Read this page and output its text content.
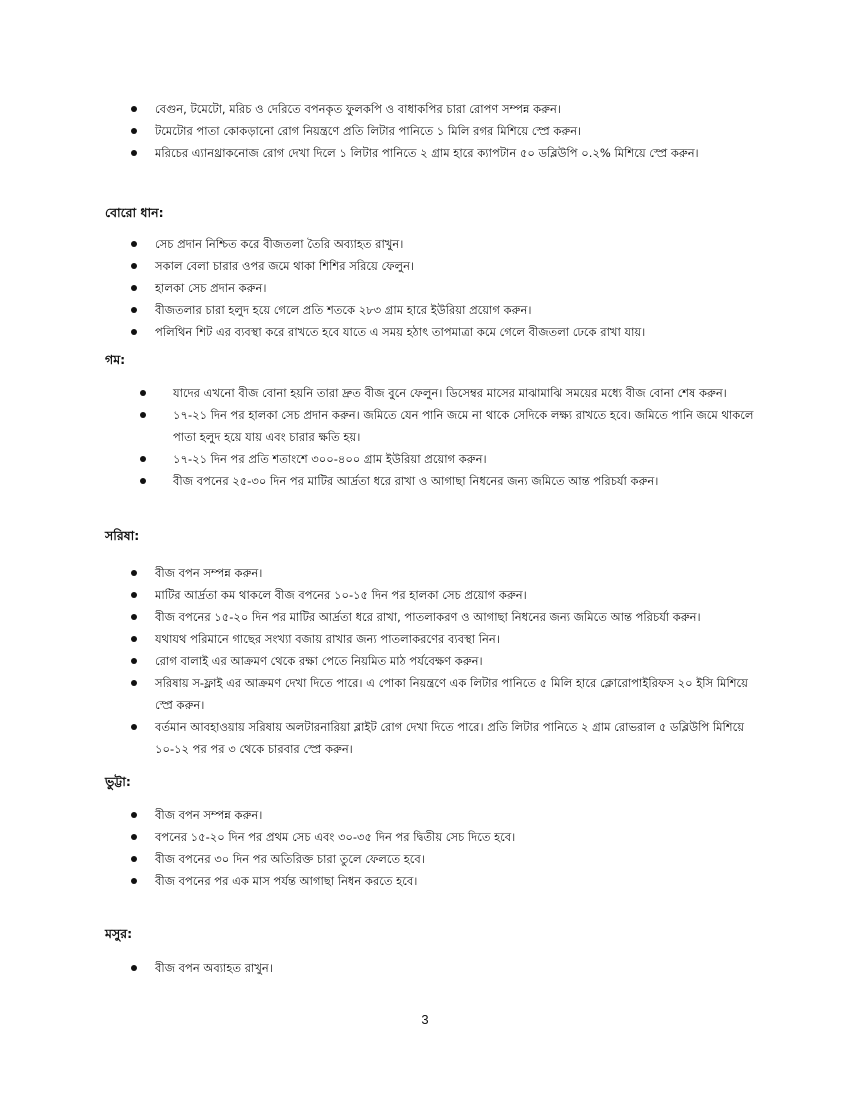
বেগুন, টমেটো, মরিচ ও দেরিতে বপনকৃত ফুলকপি ও বাধাকপির চারা রোপণ সম্পন্ন করুন।
টমেটোর পাতা কোকড়ানো রোগ নিয়ন্ত্রণে প্রতি লিটার পানিতে ১ মিলি রগর মিশিয়ে স্প্রে করুন।
মরিচের এ্যানথ্রাকনোজ রোগ দেখা দিলে ১ লিটার পানিতে ২ গ্রাম হারে ক্যাপটান ৫০ ডব্লিউপি ০.২% মিশিয়ে স্প্রে করুন।
বোরো ধান:
সেচ প্রদান নিশ্চিত করে বীজতলা তৈরি অব্যাহত রাখুন।
সকাল বেলা চারার ওপর জমে থাকা শিশির সরিয়ে ফেলুন।
হালকা সেচ প্রদান করুন।
বীজতলার চারা হলুদ হয়ে গেলে প্রতি শতকে ২৮৩ গ্রাম হারে ইউরিয়া প্রয়োগ করুন।
পলিথিন শিট এর ব্যবস্থা করে রাখতে হবে যাতে এ সময় হঠাৎ তাপমাত্রা কমে গেলে বীজতলা ঢেকে রাখা যায়।
গম:
যাদের এখনো বীজ বোনা হয়নি তারা দ্রুত বীজ বুনে ফেলুন। ডিসেম্বর মাসের মাঝামাঝি সময়ের মধ্যে বীজ বোনা শেষ করুন।
১৭-২১ দিন পর হালকা সেচ প্রদান করুন। জমিতে যেন পানি জমে না থাকে সেদিকে লক্ষ্য রাখতে হবে। জমিতে পানি জমে থাকলে পাতা হলুদ হয়ে যায় এবং চারার ক্ষতি হয়।
১৭-২১ দিন পর প্রতি শতাংশে ৩০০-৪০০ গ্রাম ইউরিয়া প্রয়োগ করুন।
বীজ বপনের ২৫-৩০ দিন পর মাটির আর্দ্রতা ধরে রাখা ও আগাছা নিধনের জন্য জমিতে আন্ত পরিচর্যা করুন।
সরিষা:
বীজ বপন সম্পন্ন করুন।
মাটির আর্দ্রতা কম থাকলে বীজ বপনের ১০-১৫ দিন পর হালকা সেচ প্রয়োগ করুন।
বীজ বপনের ১৫-২০ দিন পর মাটির আর্দ্রতা ধরে রাখা, পাতলাকরণ ও আগাছা নিধনের জন্য জমিতে আন্ত পরিচর্যা করুন।
যথাযথ পরিমানে গাছের সংখ্যা বজায় রাখার জন্য পাতলাকরণের ব্যবস্থা নিন।
রোগ বালাই এর আক্রমণ থেকে রক্ষা পেতে নিয়মিত মাঠ পর্যবেক্ষণ করুন।
সরিষায় স-ফ্লাই এর আক্রমণ দেখা দিতে পারে। এ পোকা নিয়ন্ত্রণে এক লিটার পানিতে ৫ মিলি হারে ক্লোরোপাইরিফস ২০ ইসি মিশিয়ে স্প্রে করুন।
বর্তমান আবহাওয়ায় সরিষায় অলটারনারিয়া ব্লাইট রোগ দেখা দিতে পারে। প্রতি লিটার পানিতে ২ গ্রাম রোভরাল ৫ ডব্লিউপি মিশিয়ে ১০-১২ পর পর ৩ থেকে চারবার স্প্রে করুন।
ভুট্টা:
বীজ বপন সম্পন্ন করুন।
বপনের ১৫-২০ দিন পর প্রথম সেচ এবং ৩০-৩৫ দিন পর দ্বিতীয় সেচ দিতে হবে।
বীজ বপনের ৩০ দিন পর অতিরিক্ত চারা তুলে ফেলতে হবে।
বীজ বপনের পর এক মাস পর্যন্ত আগাছা নিধন করতে হবে।
মসুর:
বীজ বপন অব্যাহত রাখুন।
3
